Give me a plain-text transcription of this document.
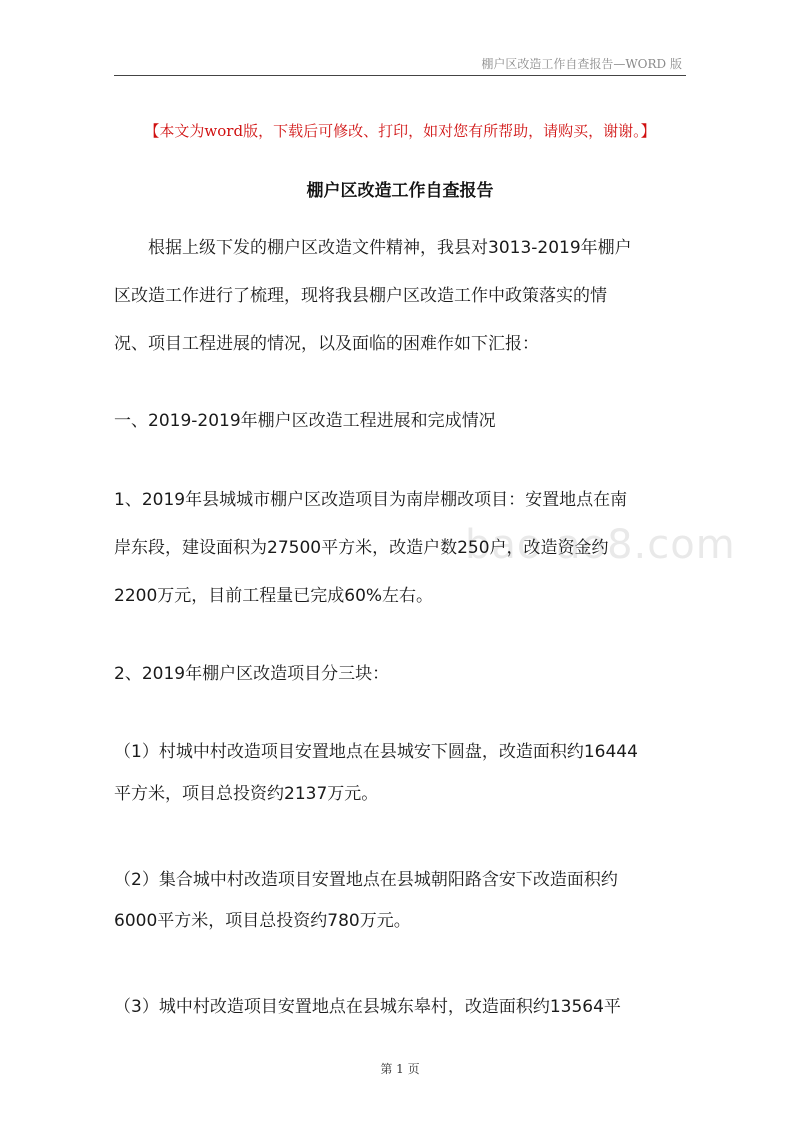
棚户区改造工作自查报告—WORD 版
【本文为word版，下载后可修改、打印，如对您有所帮助，请购买，谢谢。】
棚户区改造工作自查报告
bao ao8.com
　　根据上级下发的棚户区改造文件精神，我县对3013-2019年棚户
区改造工作进行了梳理，现将我县棚户区改造工作中政策落实的情
况、项目工程进展的情况，以及面临的困难作如下汇报：
一、2019-2019年棚户区改造工程进展和完成情况
1、2019年县城城市棚户区改造项目为南岸棚改项目：安置地点在南
岸东段，建设面积为27500平方米，改造户数250户，改造资金约
2200万元，目前工程量已完成60%左右。
2、2019年棚户区改造项目分三块：
（1）村城中村改造项目安置地点在县城安下圆盘，改造面积约16444
平方米，项目总投资约2137万元。
（2）集合城中村改造项目安置地点在县城朝阳路含安下改造面积约
6000平方米，项目总投资约780万元。
（3）城中村改造项目安置地点在县城东皋村，改造面积约13564平
第 1 页
